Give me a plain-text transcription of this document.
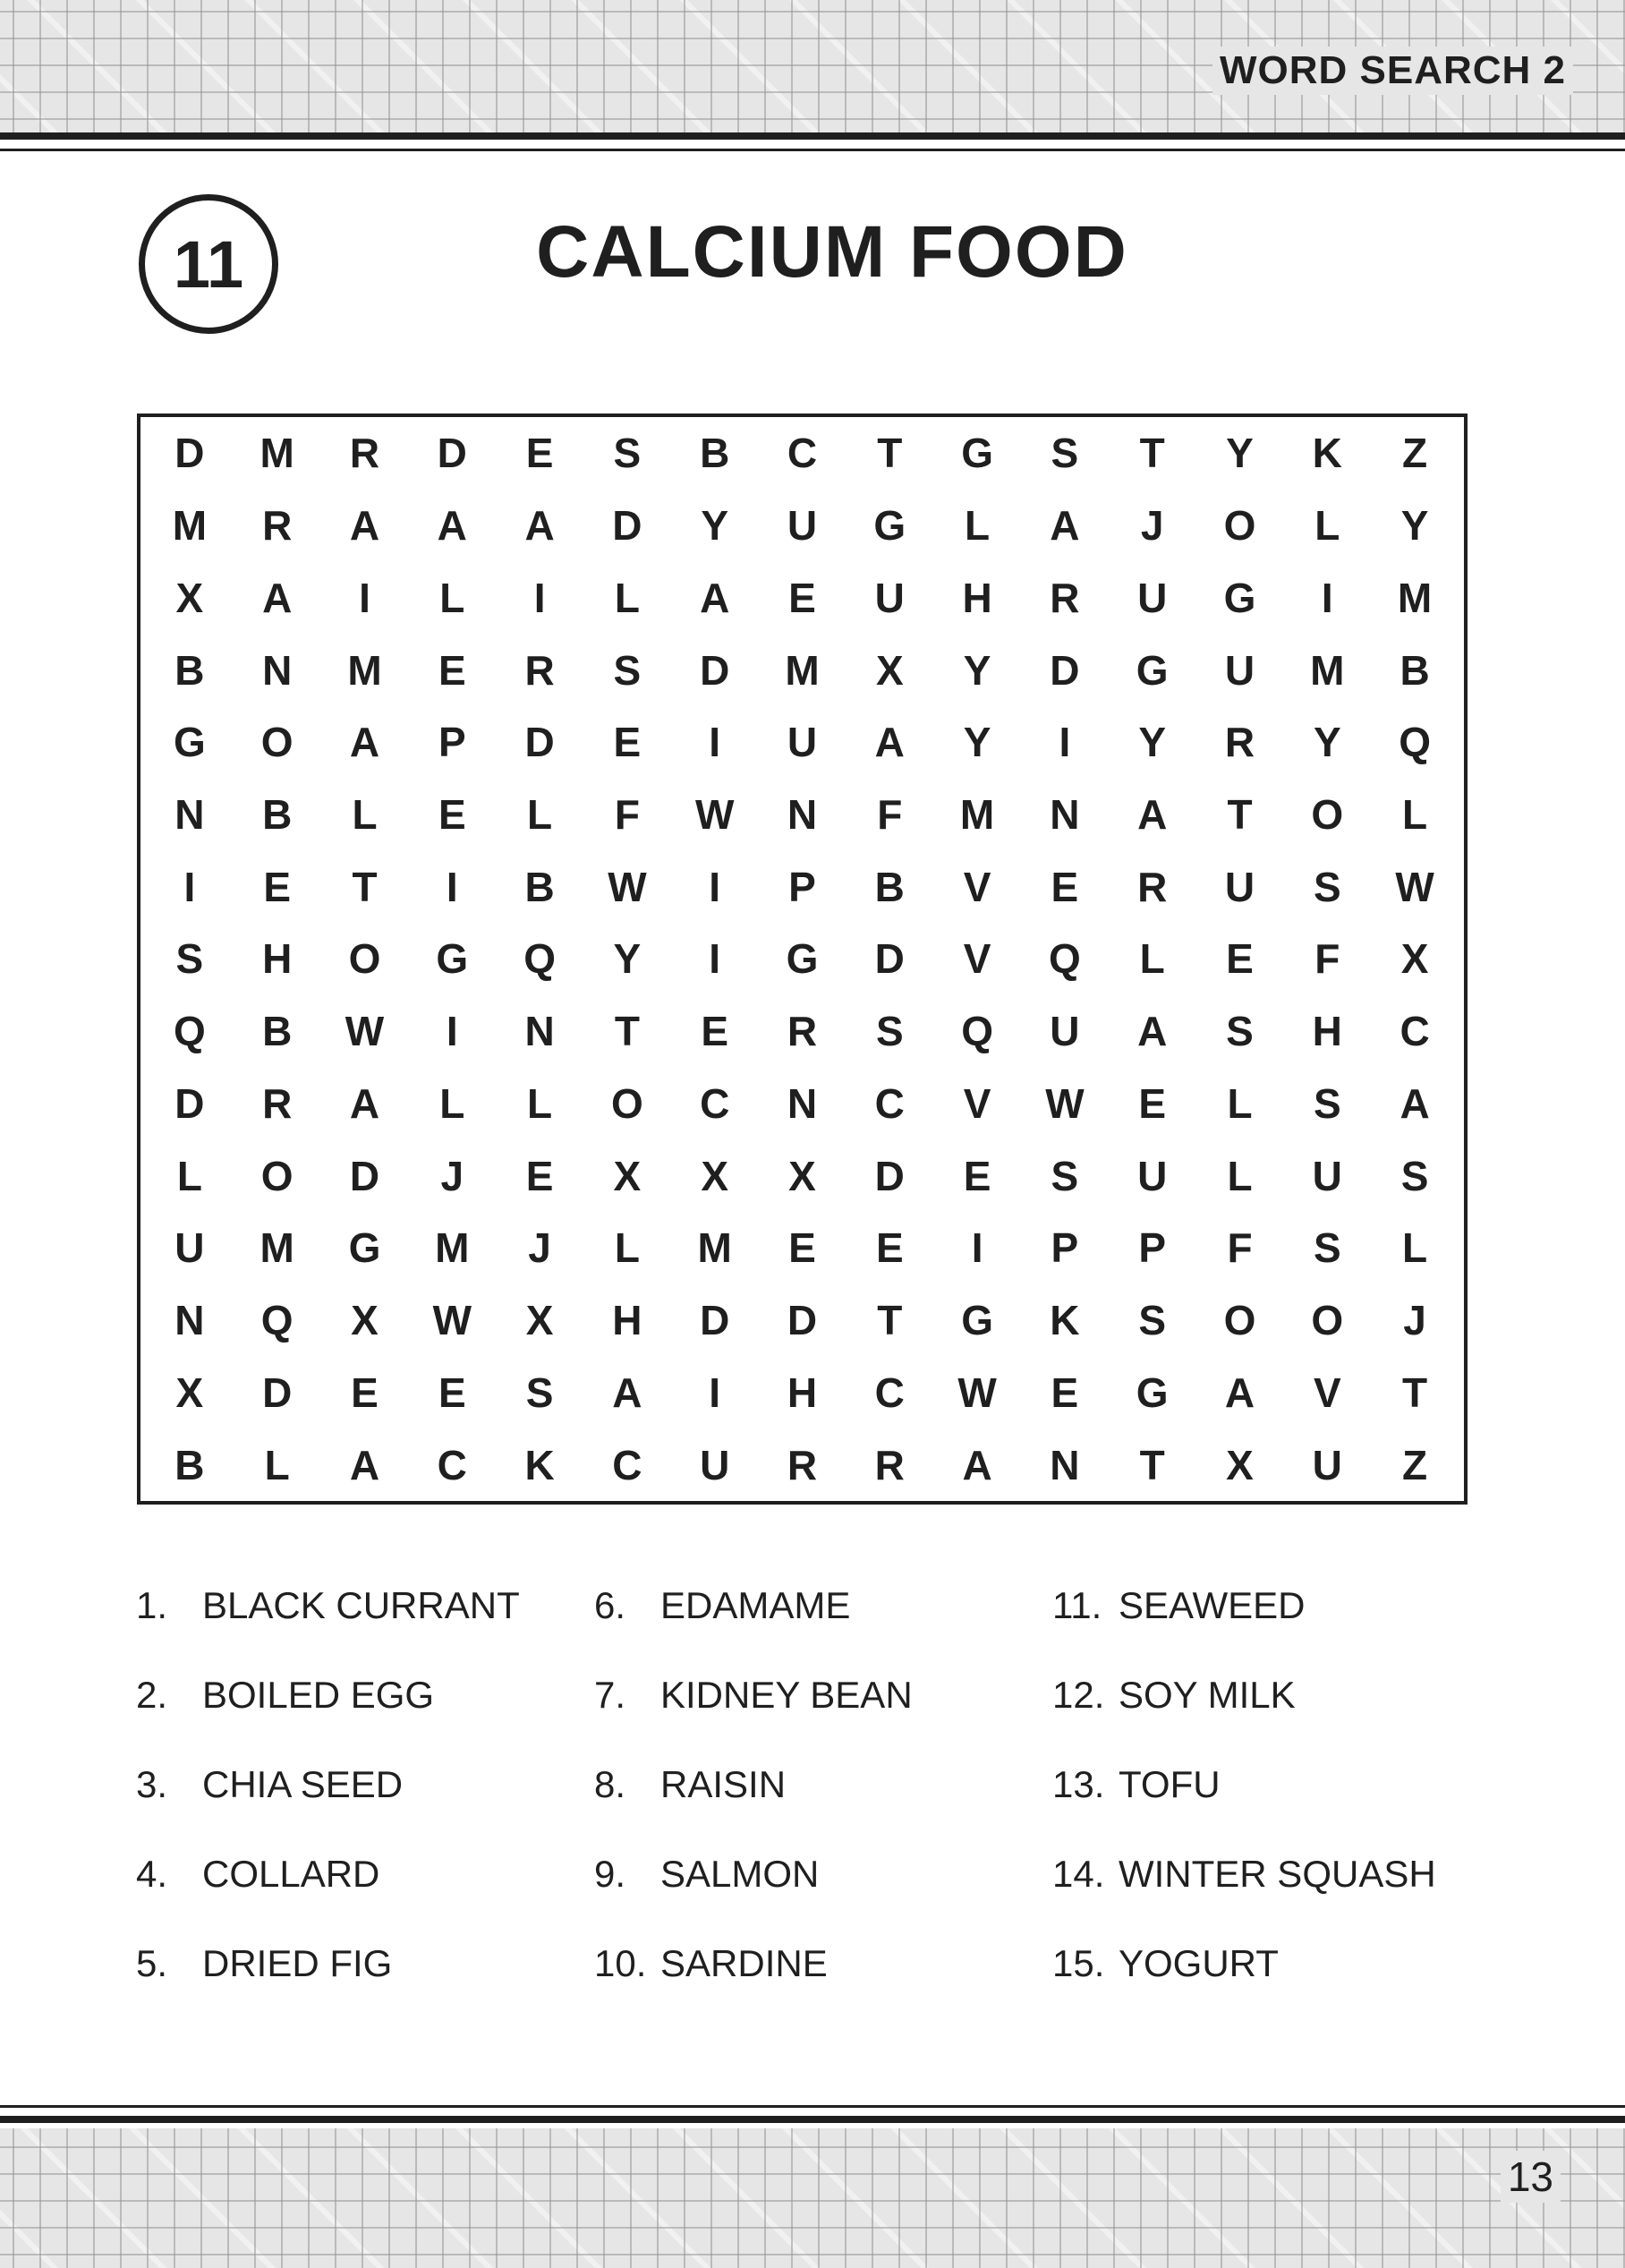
WORD SEARCH 2
11	CALCIUM FOOD
D	M	R	D	E	S	B	C	T	G	S	T	Y	K	Z
M	R	A	A	A	D	Y	U	G	L	A	J	O	L	Y
X	A	I	L	I	L	A	E	U	H	R	U	G	I	M
B	N	M	E	R	S	D	M	X	Y	D	G	U	M	B
G	O	A	P	D	E	I	U	A	Y	I	Y	R	Y	Q
N	B	L	E	L	F	W	N	F	M	N	A	T	O	L
I	E	T	I	B	W	I	P	B	V	E	R	U	S	W
S	H	O	G	Q	Y	I	G	D	V	Q	L	E	F	X
Q	B	W	I	N	T	E	R	S	Q	U	A	S	H	C
D	R	A	L	L	O	C	N	C	V	W	E	L	S	A
L	O	D	J	E	X	X	X	D	E	S	U	L	U	S
U	M	G	M	J	L	M	E	E	I	P	P	F	S	L
N	Q	X	W	X	H	D	D	T	G	K	S	O	O	J
X	D	E	E	S	A	I	H	C	W	E	G	A	V	T
B	L	A	C	K	C	U	R	R	A	N	T	X	U	Z
1. BLACK CURRANT
2. BOILED EGG
3. CHIA SEED
4. COLLARD
5. DRIED FIG
6. EDAMAME
7. KIDNEY BEAN
8. RAISIN
9. SALMON
10. SARDINE
11. SEAWEED
12. SOY MILK
13. TOFU
14. WINTER SQUASH
15. YOGURT
13
